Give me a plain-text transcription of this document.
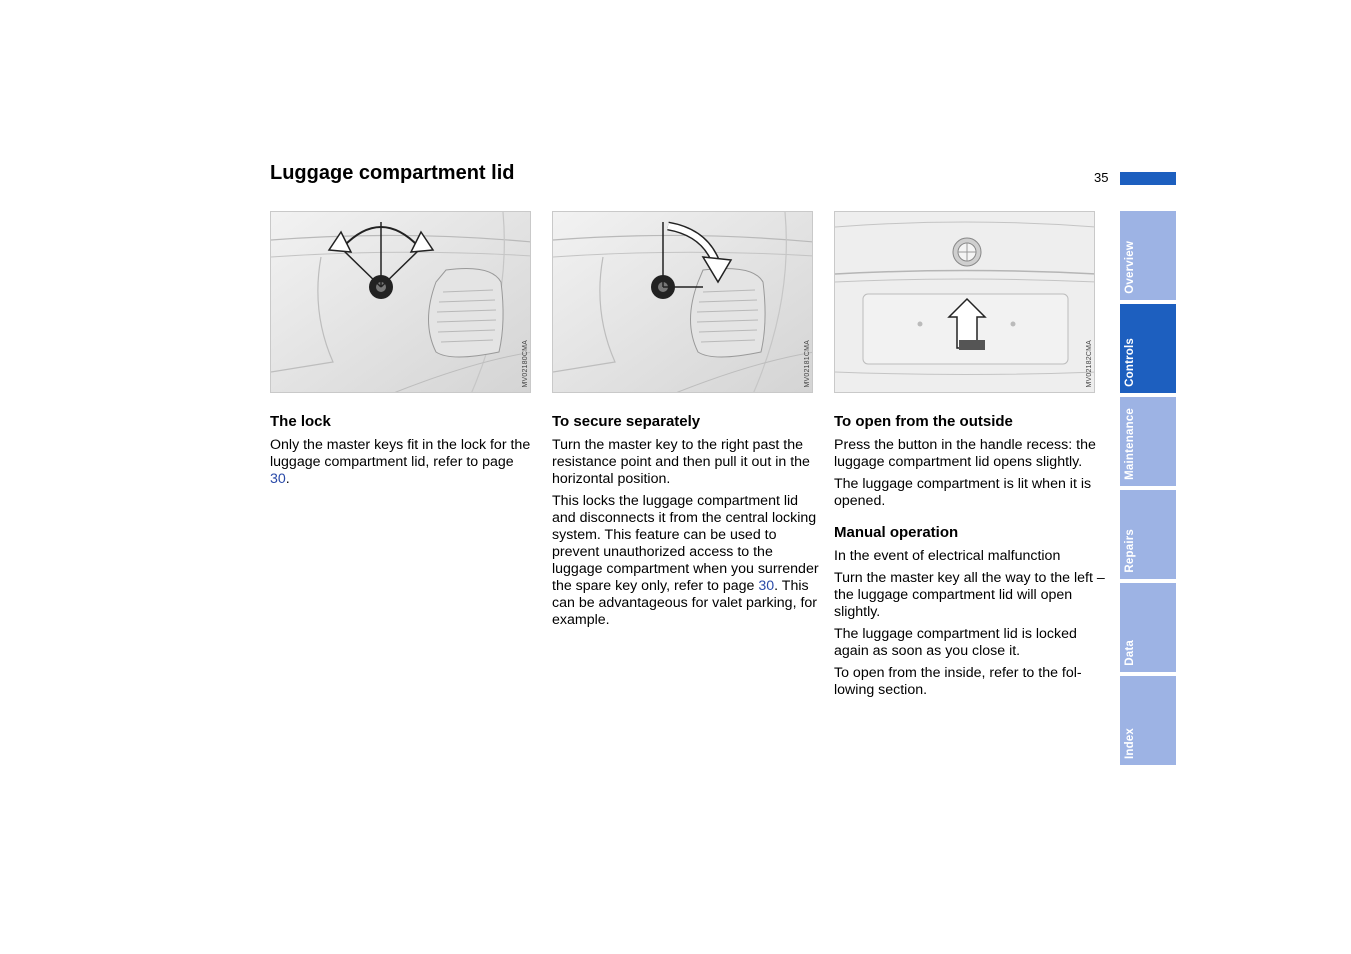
Luggage compartment lid	35
MV02180CMA	MV02181CMA	MV02182CMA
The lock

Only the master keys fit in the lock for the luggage compartment lid, refer to page 30.

To secure separately

Turn the master key to the right past the resistance point and then pull it out in the horizontal position.

This locks the luggage compartment lid and disconnects it from the central locking system. This feature can be used to prevent unauthorized access to the luggage compartment when you surrender the spare key only, refer to page 30. This can be advantageous for valet parking, for example.

To open from the outside

Press the button in the handle recess: the luggage compartment lid opens slightly.

The luggage compartment is lit when it is opened.

Manual operation

In the event of electrical malfunction

Turn the master key all the way to the left – the luggage compartment lid will open slightly.

The luggage compartment lid is locked again as soon as you close it.

To open from the inside, refer to the fol-lowing section.

Overview
Controls
Maintenance
Repairs
Data
Index
